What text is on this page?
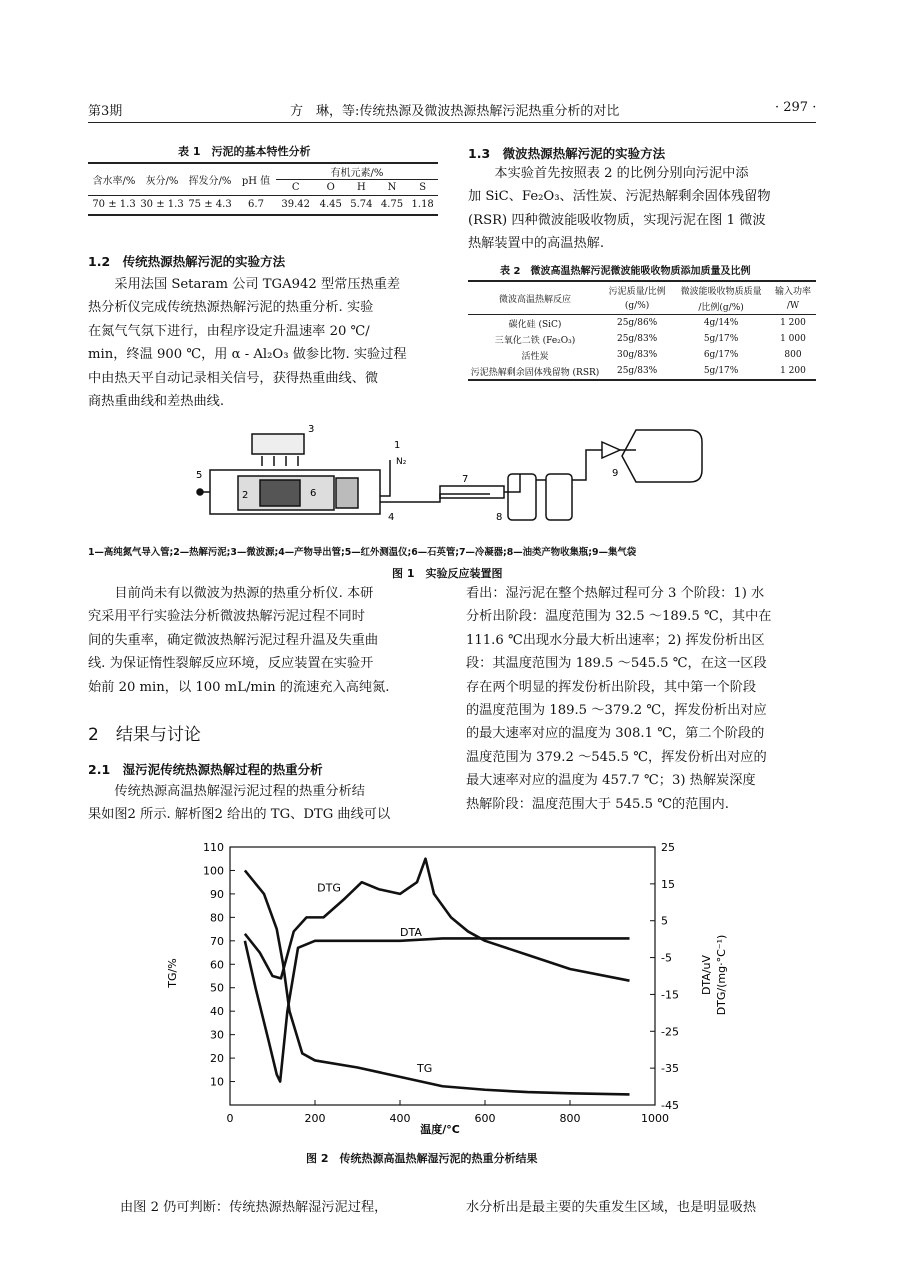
第3期	方　琳，等:传统热源及微波热源热解污泥热重分析的对比	· 297 ·
表 1　污泥的基本特性分析
含水率/%	灰分/%	挥发分/%	pH 值	有机元素/%				
				C	O	H	N	S
70 ± 1.3	30 ± 1.3	75 ± 4.3	6.7	39.42	4.45	5.74	4.75	1.18
1.2　传统热源热解污泥的实验方法

采用法国 Setaram 公司 TGA942 型常压热重差

热分析仪完成传统热源热解污泥的热重分析. 实验

在氮气气氛下进行，由程序设定升温速率 20 ℃/

min，终温 900 ℃，用 α - Al₂O₃ 做参比物. 实验过程

中由热天平自动记录相关信号，获得热重曲线、微

商热重曲线和差热曲线.

1.3　微波热源热解污泥的实验方法

本实验首先按照表 2 的比例分别向污泥中添

加 SiC、Fe₂O₃、活性炭、污泥热解剩余固体残留物

(RSR) 四种微波能吸收物质，实现污泥在图 1 微波

热解装置中的高温热解.

表 2　微波高温热解污泥微波能吸收物质添加质量及比例
微波高温热解反应	污泥质量/比例	微波能吸收物质质量	输入功率
	(g/%)	/比例(g/%)	/W
碳化硅 (SiC)	25g/86%	4g/14%	1 200
三氧化二铁 (Fe₂O₃)	25g/83%	5g/17%	1 000
活性炭	30g/83%	6g/17%	800
污泥热解剩余固体残留物 (RSR)	25g/83%	5g/17%	1 200
5
2
3
6
1
N₂
4
7
8
9
1—高纯氮气导入管;2—热解污泥;3—微波源;4—产物导出管;5—红外测温仪;6—石英管;7—冷凝器;8—油类产物收集瓶;9—集气袋
图 1　实验反应装置图

目前尚未有以微波为热源的热重分析仪. 本研

究采用平行实验法分析微波热解污泥过程不同时

间的失重率，确定微波热解污泥过程升温及失重曲

线. 为保证惰性裂解反应环境，反应装置在实验开

始前 20 min，以 100 mL/min 的流速充入高纯氮.

2　结果与讨论
2.1　湿污泥传统热源热解过程的热重分析

传统热源高温热解湿污泥过程的热重分析结

果如图2 所示. 解析图2 给出的 TG、DTG 曲线可以

看出：湿污泥在整个热解过程可分 3 个阶段：1) 水

分析出阶段：温度范围为 32.5 ～189.5 ℃，其中在

111.6 ℃出现水分最大析出速率；2) 挥发份析出区

段：其温度范围为 189.5 ～545.5 ℃，在这一区段

存在两个明显的挥发份析出阶段，其中第一个阶段

的温度范围为 189.5 ～379.2 ℃，挥发份析出对应

的最大速率对应的温度为 308.1 ℃，第二个阶段的

温度范围为 379.2 ～545.5 ℃，挥发份析出对应的

最大速率对应的温度为 457.7 ℃；3) 热解炭深度

热解阶段：温度范围大于 545.5 ℃的范围内.

0	200	400	600	800	1000
10
20
30
40
50
60
70
80
90
100
110	25
15
5
-5
-15
-25
-35
-45
TG
DTG
DTA
温度/°C
TG/%	DTA/uV DTG/(mg·°C⁻¹)
图 2　传统热源高温热解湿污泥的热重分析结果
由图 2 仍可判断：传统热源热解湿污泥过程，	水分析出是最主要的失重发生区域，也是明显吸热
